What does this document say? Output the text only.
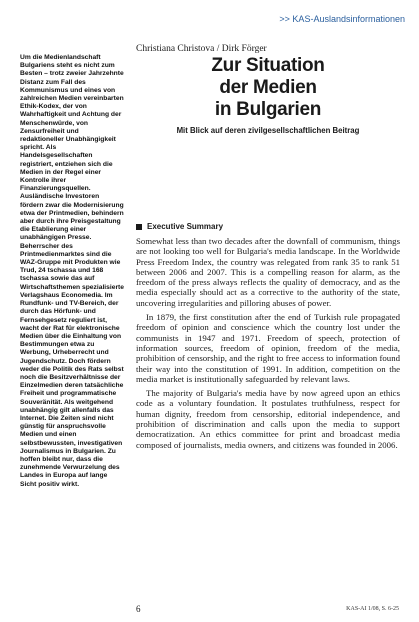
>> KAS-Auslandsinformationen

Um die Medienlandschaft Bulgariens steht es nicht zum Besten – trotz zweier Jahrzehnte Distanz zum Fall des Kommunismus und eines von zahlreichen Medien vereinbarten Ethik-Kodex, der von Wahrhaftigkeit und Achtung der Menschenwürde, von Zensurfreiheit und redaktioneller Unabhängigkeit spricht. Als Handelsgesellschaften registriert, entziehen sich die Medien in der Regel einer Kontrolle ihrer Finanzierungsquellen. Ausländische Investoren fördern zwar die Modernisierung etwa der Printmedien, behindern aber durch ihre Preisgestaltung die Etablierung einer unabhängigen Presse. Beherrscher des Printmedienmarktes sind die WAZ-Gruppe mit Produkten wie Trud, 24 tschassa und 168 tschassa sowie das auf Wirtschaftsthemen spezialisierte Verlagshaus Economedia. Im Rundfunk- und TV-Bereich, der durch das Hörfunk- und Fernsehgesetz reguliert ist, wacht der Rat für elektronische Medien über die Einhaltung von Bestimmungen etwa zu Werbung, Urheberrecht und Jugendschutz. Doch fördern weder die Politik des Rats selbst noch die Besitzverhältnisse der Einzelmedien deren tatsächliche Freiheit und programmatische Souveränität. Als weitgehend unabhängig gilt allenfalls das Internet. Die Zeiten sind nicht günstig für anspruchsvolle Medien und einen selbstbewussten, investigativen Journalismus in Bulgarien. Zu hoffen bleibt nur, dass die zunehmende Verwurzelung des Landes in Europa auf lange Sicht positiv wirkt.

Christiana Christova / Dirk Förger

Zur Situation
der Medien
in Bulgarien

Mit Blick auf deren zivilgesellschaftlichen Beitrag

Executive Summary

Somewhat less than two decades after the downfall of communism, things are not looking too well for Bulgaria's media landscape. In the Worldwide Press Freedom Index, the country was relegated from rank 35 to rank 51 between 2006 and 2007. This is a compelling reason for alarm, as the freedom of the press always reflects the quality of democracy, and as the media especially should act as a corrective to the authority of the state, uncovering irregularities and pilloring abuses of power.

In 1879, the first constitution after the end of Turkish rule propagated freedom of opinion and conscience which the country lost under the communists in 1947 and 1971. Freedom of speech, protection of information sources, freedom of opinion, freedom of the media, prohibition of censorship, and the right to free access to information found their way into the constitution of 1991. In addition, competition on the media market is institutionally safeguarded by relevant laws.

The majority of Bulgaria's media have by now agreed upon an ethics code as a voluntary foundation. It postulates truthfulness, respect for human dignity, freedom from censorship, editorial independence, and prohibition of discrimination and calls upon the media to support democratization. An ethics committee for print and broadcast media composed of journalists, media owners, and citizens was founded in 2006.

6	KAS-AI 1/08, S. 6-25
